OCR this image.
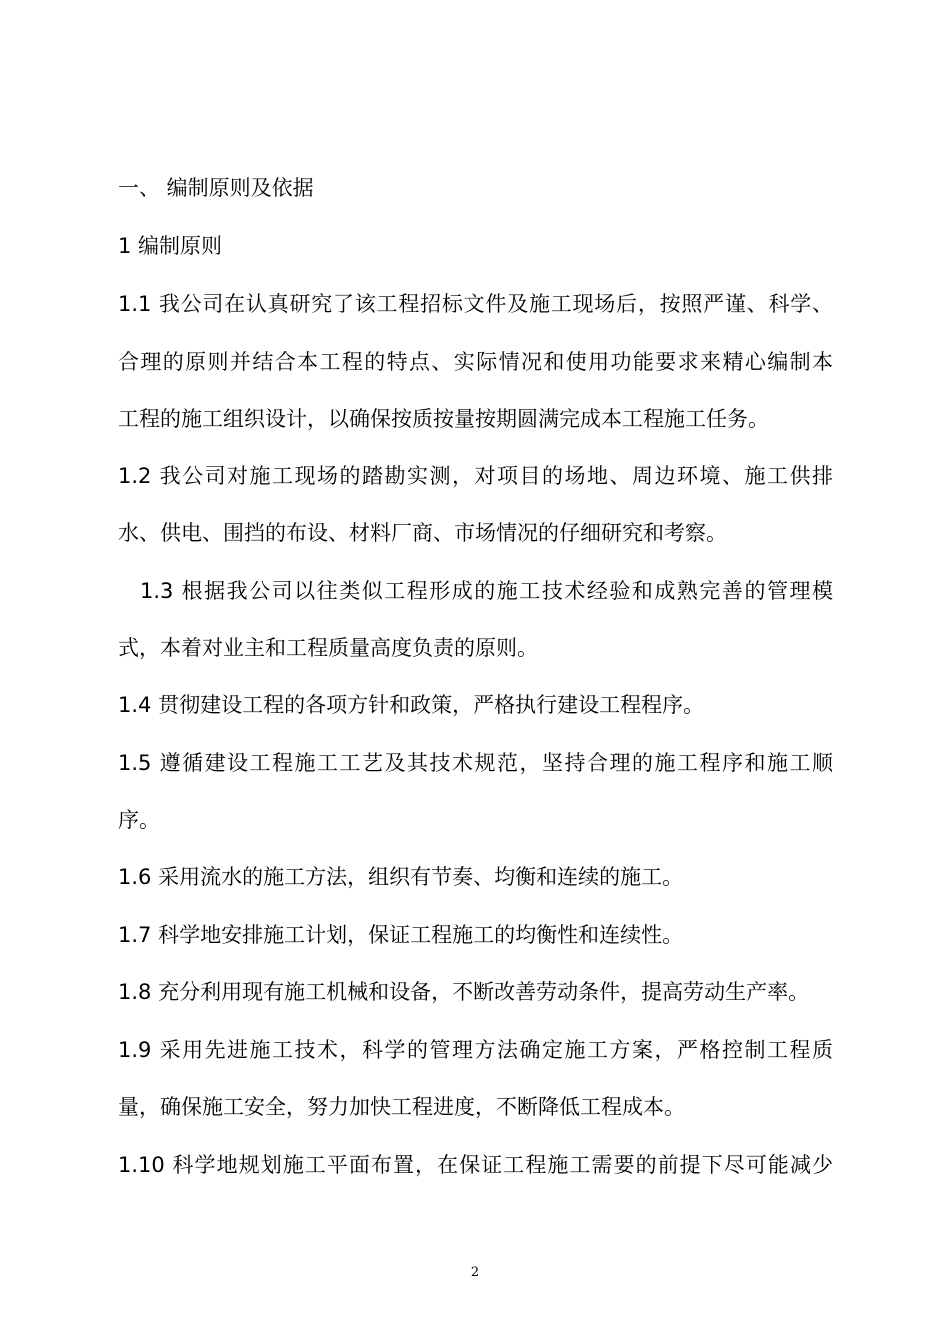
一、 编制原则及依据
1 编制原则
1.1 我公司在认真研究了该工程招标文件及施工现场后，按照严谨、科学、
合理的原则并结合本工程的特点、实际情况和使用功能要求来精心编制本
工程的施工组织设计，以确保按质按量按期圆满完成本工程施工任务。
1.2 我公司对施工现场的踏勘实测，对项目的场地、周边环境、施工供排
水、供电、围挡的布设、材料厂商、市场情况的仔细研究和考察。
1.3 根据我公司以往类似工程形成的施工技术经验和成熟完善的管理模
式，本着对业主和工程质量高度负责的原则。
1.4 贯彻建设工程的各项方针和政策，严格执行建设工程程序。
1.5 遵循建设工程施工工艺及其技术规范，坚持合理的施工程序和施工顺
序。
1.6 采用流水的施工方法，组织有节奏、均衡和连续的施工。
1.7 科学地安排施工计划，保证工程施工的均衡性和连续性。
1.8 充分利用现有施工机械和设备，不断改善劳动条件，提高劳动生产率。
1.9 采用先进施工技术，科学的管理方法确定施工方案，严格控制工程质
量，确保施工安全，努力加快工程进度，不断降低工程成本。
1.10 科学地规划施工平面布置，在保证工程施工需要的前提下尽可能减少
2
